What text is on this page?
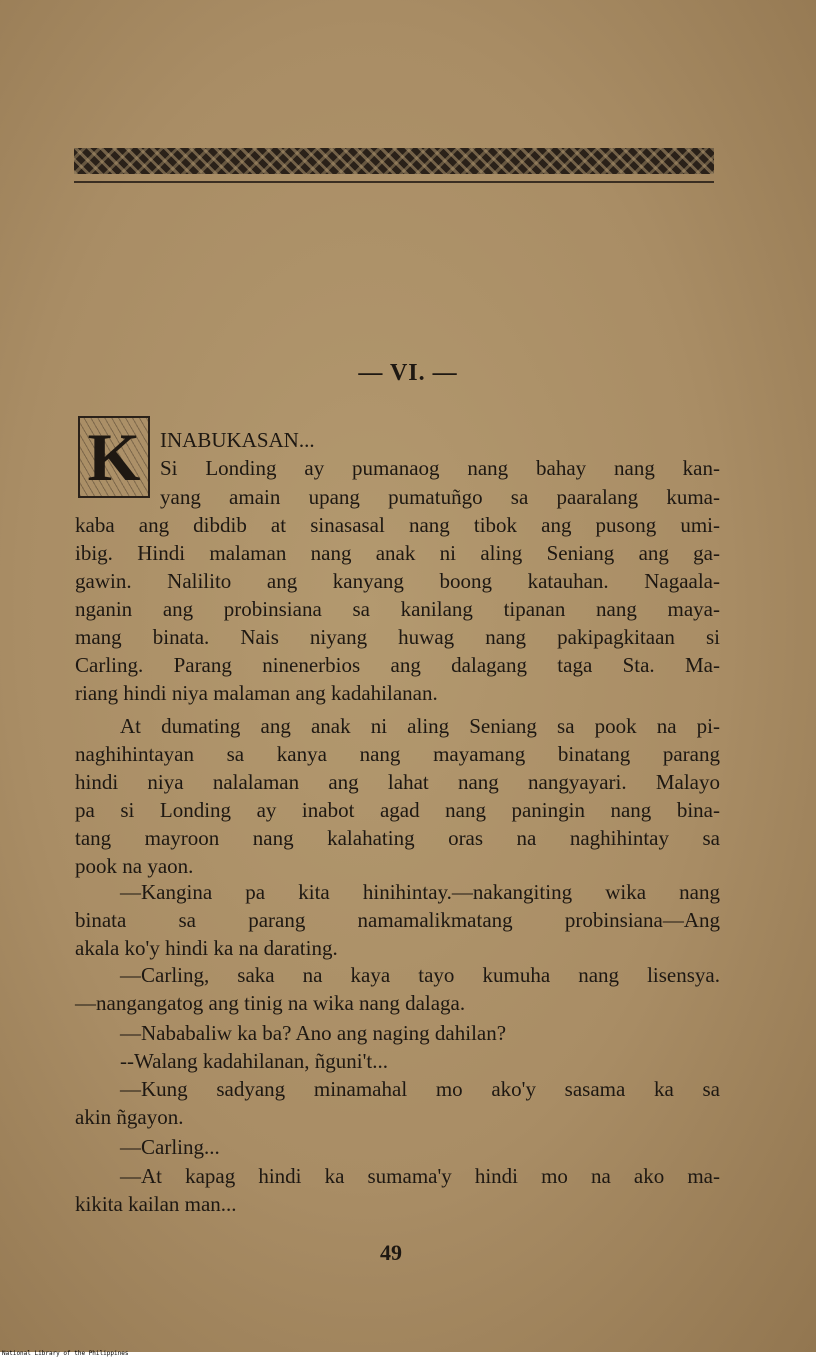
— VI. —
K INABUKASAN...
Si Londing ay pumanaog nang bahay nang kan-
yang amain upang pumatuñgo sa paaralang kuma-
kaba ang dibdib at sinasasal nang tibok ang pusong umi-
ibig. Hindi malaman nang anak ni aling Seniang ang ga-
gawin. Nalilito ang kanyang boong katauhan. Nagaala-
nganin ang probinsiana sa kanilang tipanan nang maya-
mang binata. Nais niyang huwag nang pakipagkitaan si
Carling. Parang ninenerbios ang dalagang taga Sta. Ma-
riang hindi niya malaman ang kadahilanan.
At dumating ang anak ni aling Seniang sa pook na pi-
naghihintayan sa kanya nang mayamang binatang parang
hindi niya nalalaman ang lahat nang nangyayari. Malayo
pa si Londing ay inabot agad nang paningin nang bina-
tang mayroon nang kalahating oras na naghihintay sa
pook na yaon.
—Kangina pa kita hinihintay.—nakangiting wika nang
binata sa parang namamalikmatang probinsiana—Ang
akala ko'y hindi ka na darating.
—Carling, saka na kaya tayo kumuha nang lisensya.
—nangangatog ang tinig na wika nang dalaga.
—Nababaliw ka ba? Ano ang naging dahilan?
--Walang kadahilanan, ñguni't...
—Kung sadyang minamahal mo ako'y sasama ka sa
akin ñgayon.
—Carling...
—At kapag hindi ka sumama'y hindi mo na ako ma-
kikita kailan man...
49
National Library of the Philippines
